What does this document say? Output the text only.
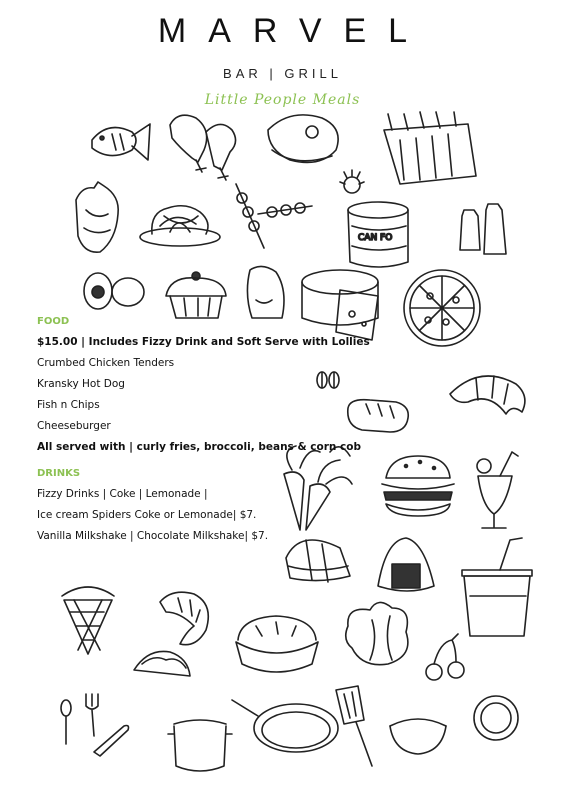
MARVEL
BAR | GRILL
Little People Meals
CAN FO
FOOD
$15.00 | Includes Fizzy Drink and Soft Serve with Lollies
Crumbed Chicken Tenders
Kransky Hot Dog
Fish n Chips
Cheeseburger
All served with | curly fries, broccoli, beans & corn cob
DRINKS
Fizzy Drinks | Coke | Lemonade |
Ice cream Spiders Coke or Lemonade| $7.
Vanilla Milkshake | Chocolate Milkshake| $7.
